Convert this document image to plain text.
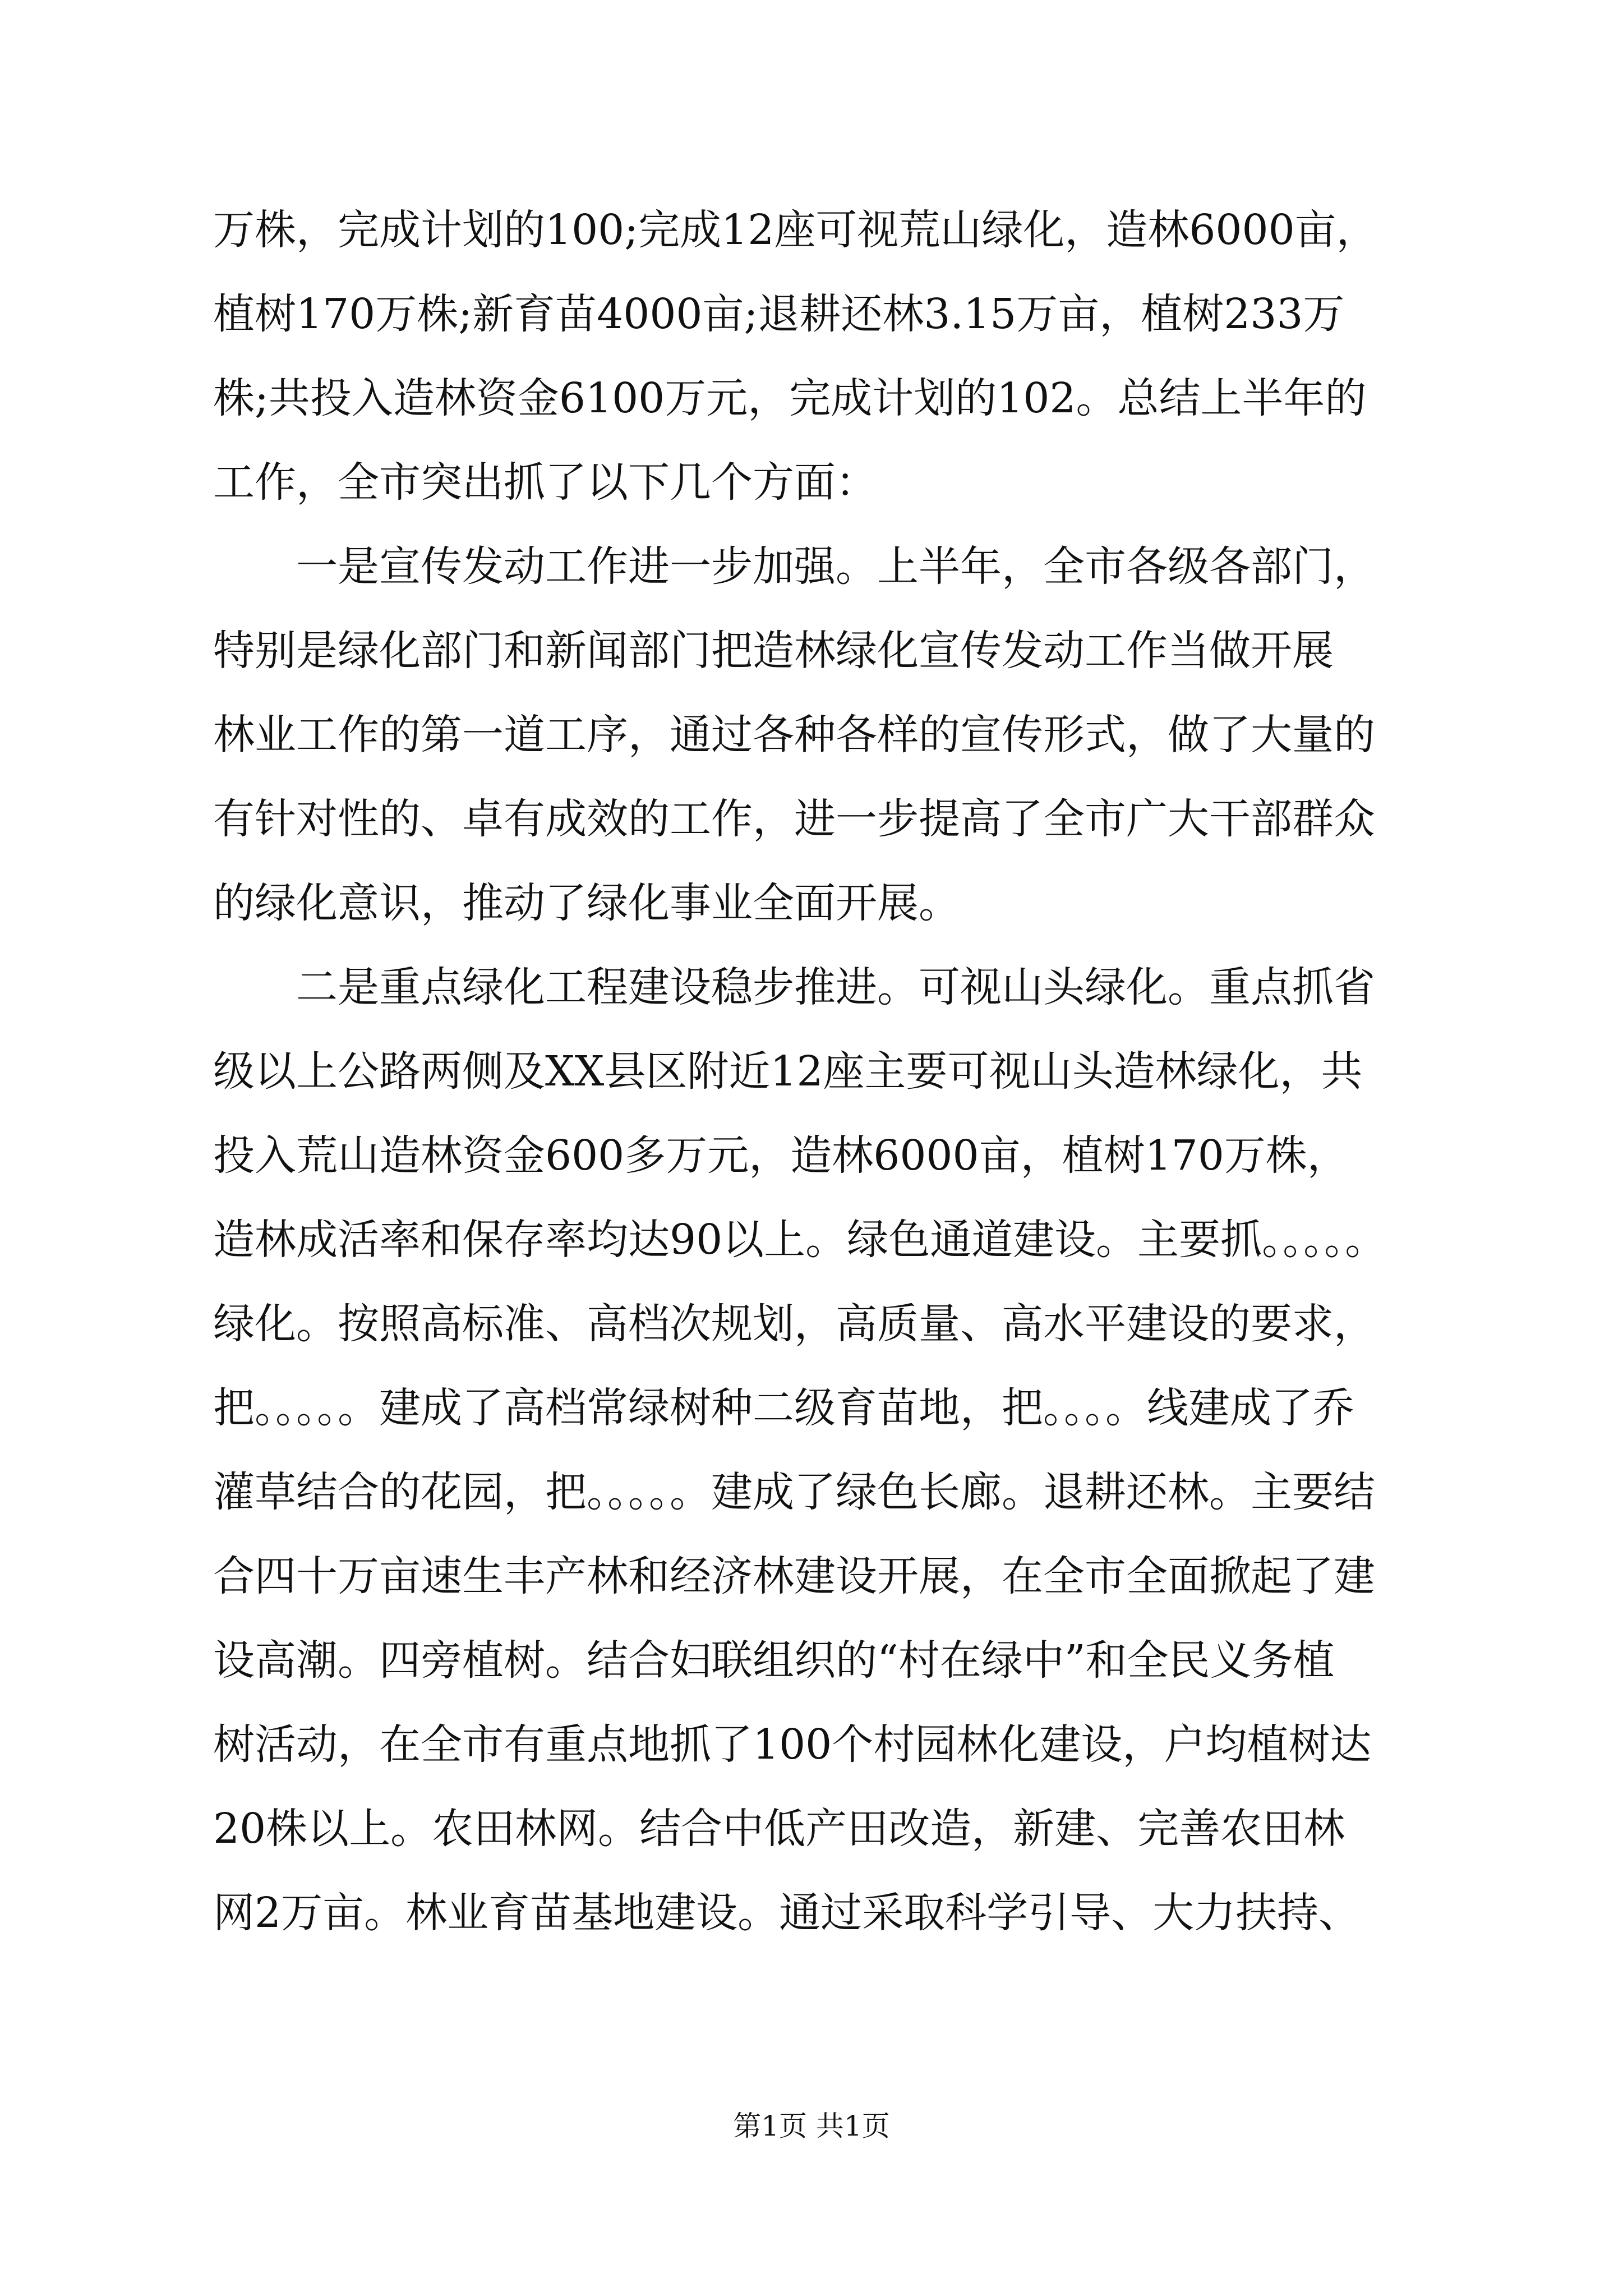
万株，完成计划的100;完成12座可视荒山绿化，造林6000亩，
植树170万株;新育苗4000亩;退耕还林3.15万亩，植树233万
株;共投入造林资金6100万元，完成计划的102。总结上半年的
工作，全市突出抓了以下几个方面：
　　一是宣传发动工作进一步加强。上半年，全市各级各部门，
特别是绿化部门和新闻部门把造林绿化宣传发动工作当做开展
林业工作的第一道工序，通过各种各样的宣传形式，做了大量的
有针对性的、卓有成效的工作，进一步提高了全市广大干部群众
的绿化意识，推动了绿化事业全面开展。
　　二是重点绿化工程建设稳步推进。可视山头绿化。重点抓省
级以上公路两侧及XX县区附近12座主要可视山头造林绿化，共
投入荒山造林资金600多万元，造林6000亩，植树170万株，
造林成活率和保存率均达90以上。绿色通道建设。主要抓。。。。。
绿化。按照高标准、高档次规划，高质量、高水平建设的要求，
把。。。。。建成了高档常绿树种二级育苗地，把。。。。线建成了乔
灌草结合的花园，把。。。。。建成了绿色长廊。退耕还林。主要结
合四十万亩速生丰产林和经济林建设开展，在全市全面掀起了建
设高潮。四旁植树。结合妇联组织的“村在绿中”和全民义务植
树活动，在全市有重点地抓了100个村园林化建设，户均植树达
20株以上。农田林网。结合中低产田改造，新建、完善农田林
网2万亩。林业育苗基地建设。通过采取科学引导、大力扶持、
第1页 共1页
